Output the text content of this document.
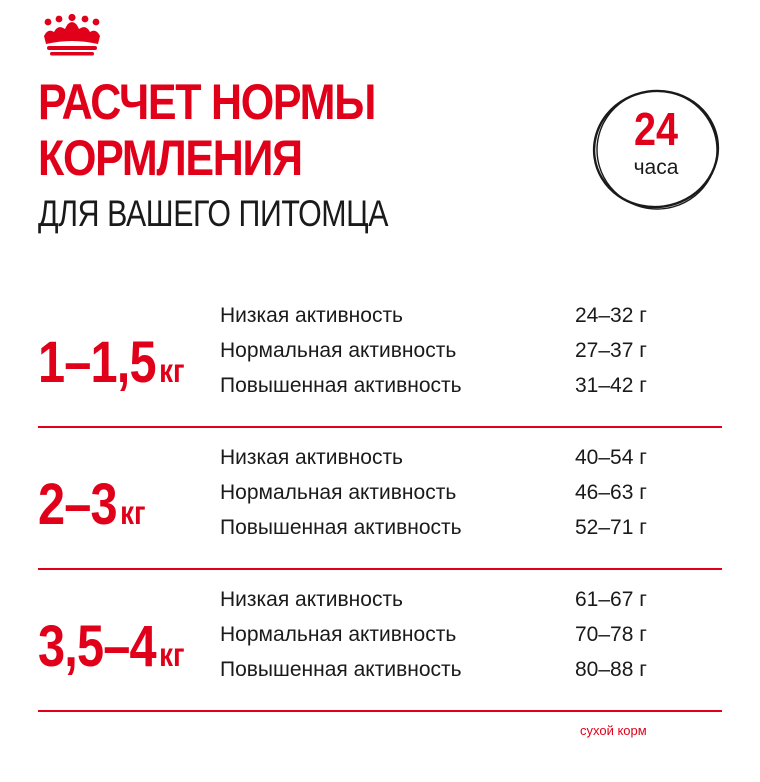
РАСЧЕТ НОРМЫ
КОРМЛЕНИЯ
ДЛЯ ВАШЕГО ПИТОМЦА
24
часа
1–1,5 кг
Низкая активность	24–32 г
Нормальная активность	27–37 г
Повышенная активность	31–42 г
2–3 кг
Низкая активность	40–54 г
Нормальная активность	46–63 г
Повышенная активность	52–71 г
3,5–4 кг
Низкая активность	61–67 г
Нормальная активность	70–78 г
Повышенная активность	80–88 г
сухой корм
